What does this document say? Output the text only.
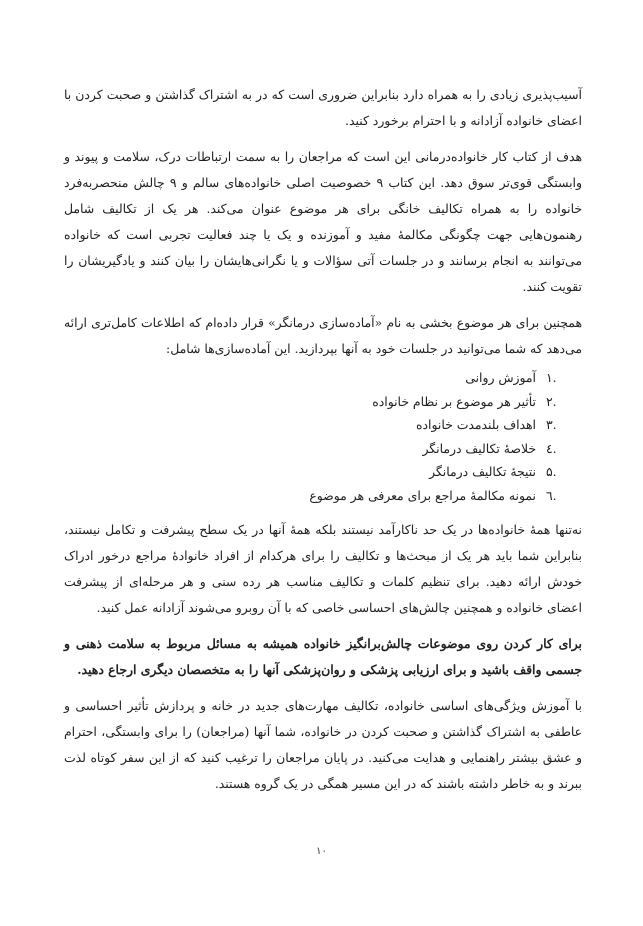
آسیب‌پذیری زیادی را به همراه دارد بنابراین ضروری است که در به اشتراک گذاشتن و صحبت کردن با اعضای خانواده آزادانه و با احترام برخورد کنید.

هدف از کتاب کار خانواده‌درمانی این است که مراجعان را به سمت ارتباطات درک، سلامت و پیوند و وابستگی قوی‌تر سوق دهد. این کتاب ۹ خصوصیت اصلی خانواده‌های سالم و ۹ چالش منحصربه‌فرد خانواده را به همراه تکالیف خانگی برای هر موضوع عنوان می‌کند. هر یک از تکالیف شامل رهنمون‌هایی جهت چگونگی مکالمهٔ مفید و آموزنده و یک یا چند فعالیت تجربی است که خانواده می‌توانند به انجام برسانند و در جلسات آتی سؤالات و یا نگرانی‌هایشان را بیان کنند و یادگیریشان را تقویت کنند.

همچنین برای هر موضوع بخشی به نام «آماده‌سازی درمانگر» قرار داده‌ام که اطلاعات کامل‌تری ارائه می‌دهد که شما می‌توانید در جلسات خود به آنها بپردازید. این آماده‌سازی‌ها شامل:

.۱
آموزش روانی
.۲
تأثیر هر موضوع بر نظام خانواده
.۳
اهداف بلندمدت خانواده
.٤
خلاصهٔ تکالیف درمانگر
.۵
نتیجهٔ تکالیف درمانگر
.٦
نمونه مکالمهٔ مراجع برای معرفی هر موضوع

نه‌تنها همهٔ خانواده‌ها در یک حد ناکارآمد نیستند بلکه همهٔ آنها در یک سطح پیشرفت و تکامل نیستند، بنابراین شما باید هر یک از مبحث‌ها و تکالیف را برای هرکدام از افراد خانوادهٔ مراجع درخور ادراک خودش ارائه دهید. برای تنظیم کلمات و تکالیف مناسب هر رده سنی و هر مرحله‌ای از پیشرفت اعضای خانواده و همچنین چالش‌های احساسی خاصی که با آن روبرو می‌شوند آزادانه عمل کنید.

برای کار کردن روی موضوعات چالش‌برانگیز خانواده همیشه به مسائل مربوط به سلامت ذهنی و جسمی واقف باشید و برای ارزیابی پزشکی و روان‌پزشکی آنها را به متخصصان دیگری ارجاع دهید.

با آموزش ویژگی‌های اساسی خانواده، تکالیف مهارت‌های جدید در خانه و پردازش تأثیر احساسی و عاطفی به اشتراک گذاشتن و صحبت کردن در خانواده، شما آنها (مراجعان) را برای وابستگی، احترام و عشق بیشتر راهنمایی و هدایت می‌کنید. در پایان مراجعان را ترغیب کنید که از این سفر کوتاه لذت ببرند و به خاطر داشته باشند که در این مسیر همگی در یک گروه هستند.

۱۰
